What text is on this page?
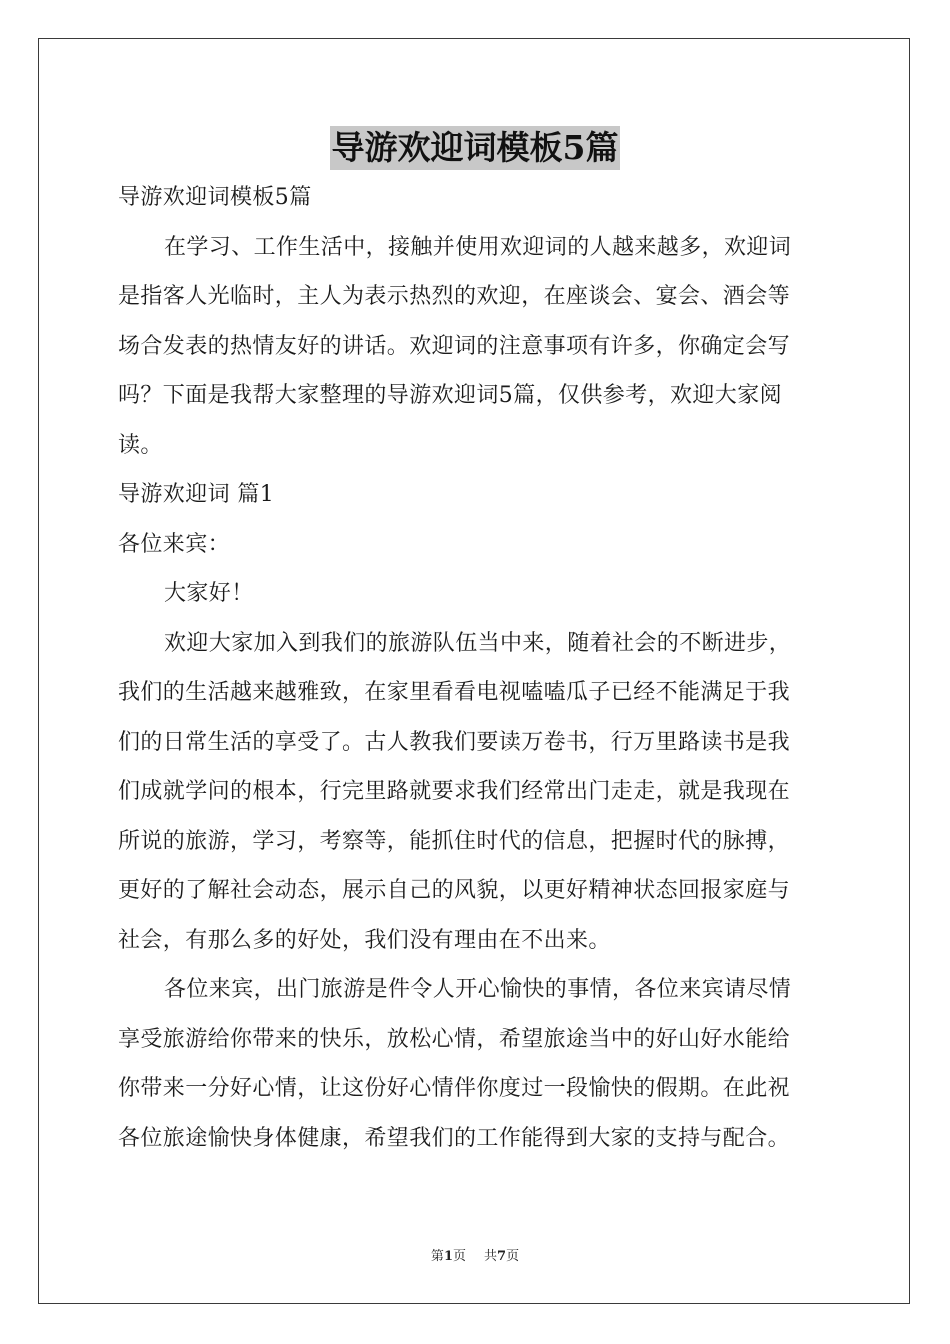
导游欢迎词模板5篇
导游欢迎词模板5篇
在学习、工作生活中，接触并使用欢迎词的人越来越多，欢迎词
是指客人光临时，主人为表示热烈的欢迎，在座谈会、宴会、酒会等
场合发表的热情友好的讲话。欢迎词的注意事项有许多，你确定会写
吗？下面是我帮大家整理的导游欢迎词5篇，仅供参考，欢迎大家阅
读。
导游欢迎词 篇1
各位来宾：
大家好！
欢迎大家加入到我们的旅游队伍当中来，随着社会的不断进步，
我们的生活越来越雅致，在家里看看电视嗑嗑瓜子已经不能满足于我
们的日常生活的享受了。古人教我们要读万卷书，行万里路读书是我
们成就学问的根本，行完里路就要求我们经常出门走走，就是我现在
所说的旅游，学习，考察等，能抓住时代的信息，把握时代的脉搏，
更好的了解社会动态，展示自己的风貌，以更好精神状态回报家庭与
社会，有那么多的好处，我们没有理由在不出来。
各位来宾，出门旅游是件令人开心愉快的事情，各位来宾请尽情
享受旅游给你带来的快乐，放松心情，希望旅途当中的好山好水能给
你带来一分好心情，让这份好心情伴你度过一段愉快的假期。在此祝
各位旅途愉快身体健康，希望我们的工作能得到大家的支持与配合。
第1页 共7页
